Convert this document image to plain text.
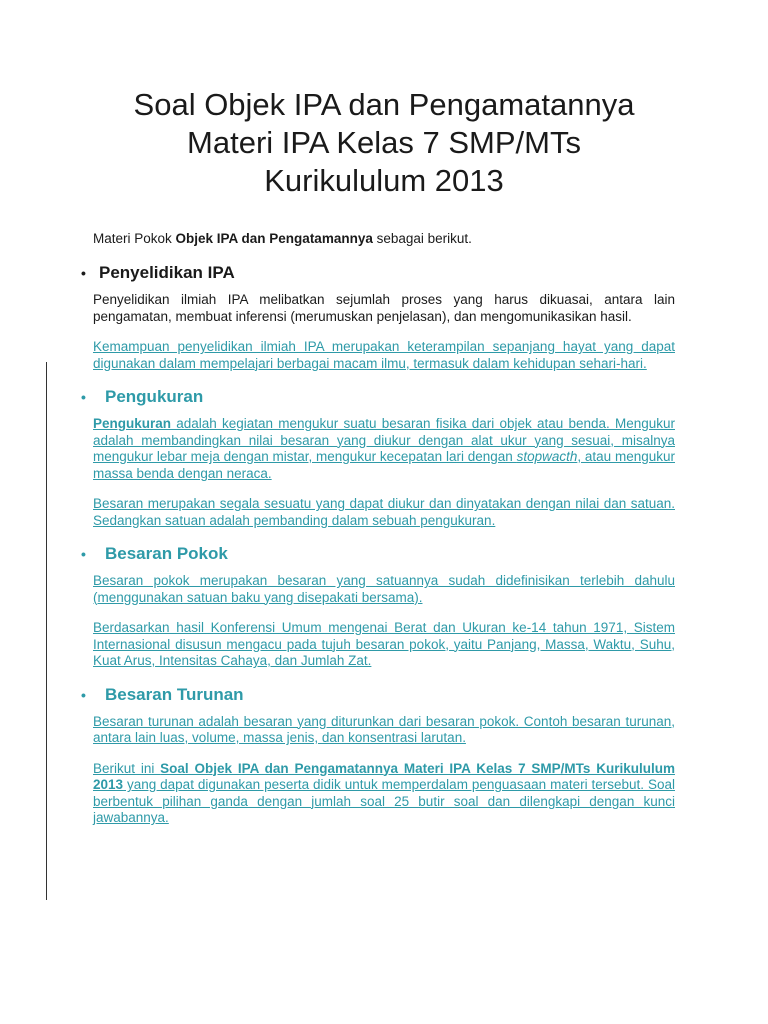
Soal Objek IPA dan Pengamatannya
Materi IPA Kelas 7 SMP/MTs
Kurikululum 2013

Materi Pokok Objek IPA dan Pengatamannya sebagai berikut.

• Penyelidikan IPA

Penyelidikan ilmiah IPA melibatkan sejumlah proses yang harus dikuasai, antara lain pengamatan, membuat inferensi (merumuskan penjelasan), dan mengomunikasikan hasil.

Kemampuan penyelidikan ilmiah IPA merupakan keterampilan sepanjang hayat yang dapat digunakan dalam mempelajari berbagai macam ilmu, termasuk dalam kehidupan sehari-hari.

•	Pengukuran

Pengukuran adalah kegiatan mengukur suatu besaran fisika dari objek atau benda. Mengukur adalah membandingkan nilai besaran yang diukur dengan alat ukur yang sesuai, misalnya mengukur lebar meja dengan mistar, mengukur kecepatan lari dengan stopwacth, atau mengukur massa benda dengan neraca.

Besaran merupakan segala sesuatu yang dapat diukur dan dinyatakan dengan nilai dan satuan. Sedangkan satuan adalah pembanding dalam sebuah pengukuran.

•	Besaran Pokok

Besaran pokok merupakan besaran yang satuannya sudah didefinisikan terlebih dahulu (menggunakan satuan baku yang disepakati bersama).

Berdasarkan hasil Konferensi Umum mengenai Berat dan Ukuran ke-14 tahun 1971, Sistem Internasional disusun mengacu pada tujuh besaran pokok, yaitu Panjang, Massa, Waktu, Suhu, Kuat Arus, Intensitas Cahaya, dan Jumlah Zat.

•	Besaran Turunan

Besaran turunan adalah besaran yang diturunkan dari besaran pokok. Contoh besaran turunan, antara lain luas, volume, massa jenis, dan konsentrasi larutan.

Berikut ini Soal Objek IPA dan Pengamatannya Materi IPA Kelas 7 SMP/MTs Kurikululum 2013 yang dapat digunakan peserta didik untuk memperdalam penguasaan materi tersebut. Soal berbentuk pilihan ganda dengan jumlah soal 25 butir soal dan dilengkapi dengan kunci jawabannya.
